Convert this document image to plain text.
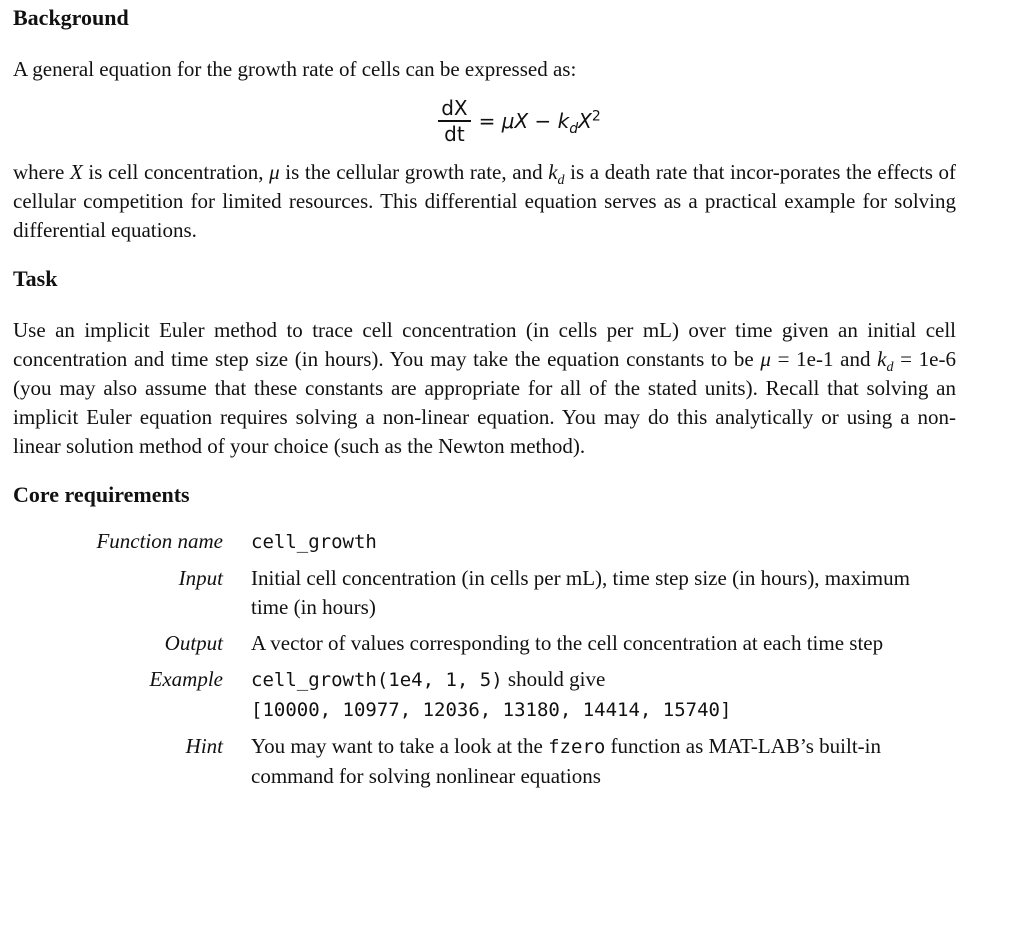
Background

A general equation for the growth rate of cells can be expressed as:

$\frac{dX}{dt} = \mu X - k_dX^2$

where X is cell concentration, μ is the cellular growth rate, and $k_d$ is a death rate that incor-porates the effects of cellular competition for limited resources. This differential equation serves as a practical example for solving differential equations.

Task

Use an implicit Euler method to trace cell concentration (in cells per mL) over time given an initial cell concentration and time step size (in hours). You may take the equation constants to be μ = 1e-1 and $k_d = 1e-6$ (you may also assume that these constants are appropriate for all of the stated units). Recall that solving an implicit Euler equation requires solving a non-linear equation. You may do this analytically or using a non-linear solution method of your choice (such as the Newton method).

Core requirements
Function name	cell_growth
Input	Initial cell concentration (in cells per mL), time step size (in hours), maximum time (in hours)
Output	A vector of values corresponding to the cell concentration at each time step
Example	cell_growth(1e4, 1, 5) should give
[10000, 10977, 12036, 13180, 14414, 15740]
Hint	You may want to take a look at the fzero function as MAT-LAB’s built-in command for solving nonlinear equations
